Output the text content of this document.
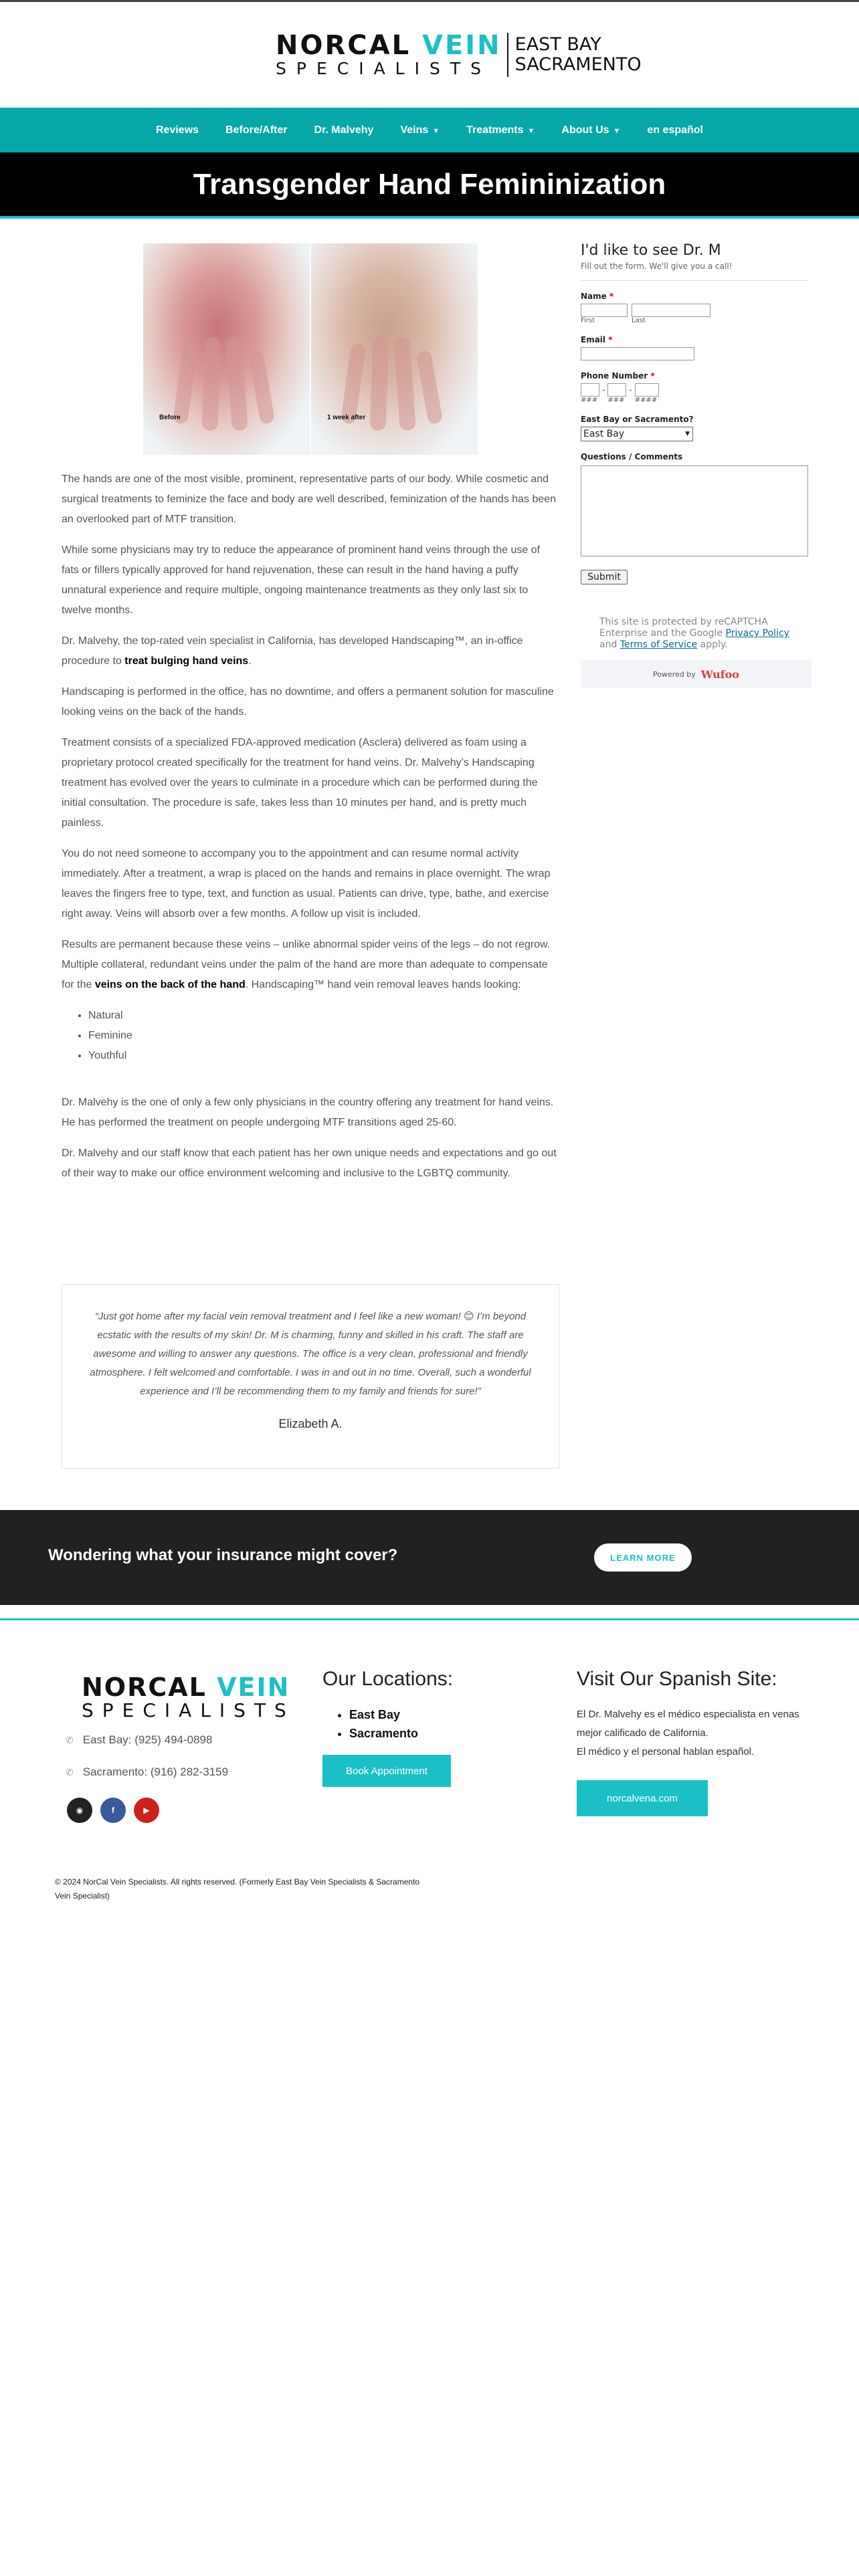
NORCAL VEIN
SPECIALISTS
EAST BAY
SACRAMENTO
Reviews	Before/After	Dr. Malvehy	Veins ▼	Treatments ▼	About Us ▼	en español
Transgender Hand Femininization
Before	1 week after

The hands are one of the most visible, prominent, representative parts of our body. While cosmetic and surgical treatments to feminize the face and body are well described, feminization of the hands has been an overlooked part of MTF transition.

While some physicians may try to reduce the appearance of prominent hand veins through the use of fats or fillers typically approved for hand rejuvenation, these can result in the hand having a puffy unnatural experience and require multiple, ongoing maintenance treatments as they only last six to twelve months.

Dr. Malvehy, the top-rated vein specialist in California, has developed Handscaping™, an in-office procedure to treat bulging hand veins.

Handscaping is performed in the office, has no downtime, and offers a permanent solution for masculine looking veins on the back of the hands.

Treatment consists of a specialized FDA-approved medication (Asclera) delivered as foam using a proprietary protocol created specifically for the treatment for hand veins. Dr. Malvehy’s Handscaping treatment has evolved over the years to culminate in a procedure which can be performed during the initial consultation. The procedure is safe, takes less than 10 minutes per hand, and is pretty much painless.

You do not need someone to accompany you to the appointment and can resume normal activity immediately. After a treatment, a wrap is placed on the hands and remains in place overnight. The wrap leaves the fingers free to type, text, and function as usual. Patients can drive, type, bathe, and exercise right away. Veins will absorb over a few months. A follow up visit is included.

Results are permanent because these veins – unlike abnormal spider veins of the legs – do not regrow. Multiple collateral, redundant veins under the palm of the hand are more than adequate to compensate for the veins on the back of the hand. Handscaping™ hand vein removal leaves hands looking:

• Natural
• Feminine
• Youthful

Dr. Malvehy is the one of only a few only physicians in the country offering any treatment for hand veins. He has performed the treatment on people undergoing MTF transitions aged 25-60.

Dr. Malvehy and our staff know that each patient has her own unique needs and expectations and go out of their way to make our office environment welcoming and inclusive to the LGBTQ community.

“Just got home after my facial vein removal treatment and I feel like a new woman! 😊 I’m beyond ecstatic with the results of my skin! Dr. M is charming, funny and skilled in his craft. The staff are awesome and willing to answer any questions. The office is a very clean, professional and friendly atmosphere. I felt welcomed and comfortable. I was in and out in no time. Overall, such a wonderful experience and I’ll be recommending them to my family and friends for sure!”
Elizabeth A.
I'd like to see Dr. M
Fill out the form. We'll give you a call!
Name *
First	Last
Email *
Phone Number *
###
-
###
-
####
East Bay or Sacramento?
East Bay	▼
Questions / Comments
Submit
This site is protected by reCAPTCHA Enterprise and the Google Privacy Policy and Terms of Service apply.
Powered by Wufoo
Wondering what your insurance might cover?	LEARN MORE
NORCAL VEIN
SPECIALISTS
✆ East Bay: (925) 494-0898
✆ Sacramento: (916) 282-3159
◉	f	▶
Our Locations:
• East Bay
• Sacramento
Book Appointment
Visit Our Spanish Site:

El Dr. Malvehy es el médico especialista en venas mejor calificado de California.
El médico y el personal hablan español.

norcalvena.com
© 2024 NorCal Vein Specialists. All rights reserved. (Formerly East Bay Vein Specialists & Sacramento Vein Specialist)
